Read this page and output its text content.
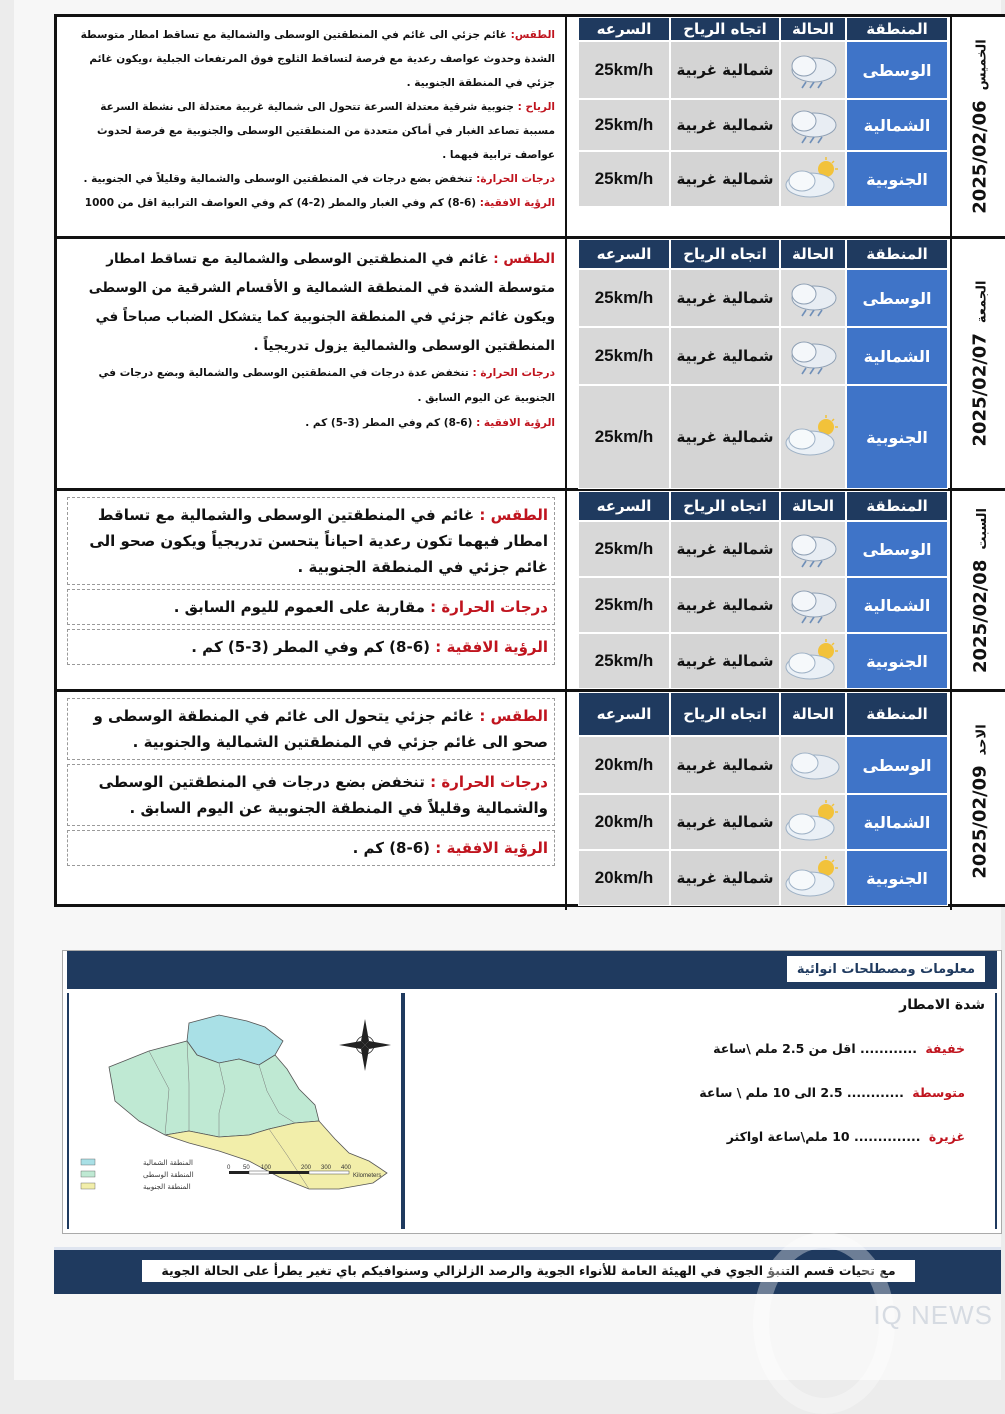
الخميس2025/02/06
المنطقة
الوسطى
الشمالية
الجنوبية
الحالة
اتجاه الرياح
شمالية غربية
شمالية غربية
شمالية غربية
السرعه
25km/h
25km/h
25km/h
الطقس: غائم جزئي الى غائم في المنطقتين الوسطى والشمالية مع تساقط امطار متوسطة الشدة وحدوث عواصف رعدية مع فرصة لتساقط الثلوج فوق المرتفعات الجبلية ،ويكون غائم جزئي في المنطقة الجنوبية .
الرياح : جنوبية شرقية معتدلة السرعة تتحول الى شمالية غربية معتدلة الى نشطة السرعة مسببة تصاعد الغبار في أماكن متعددة من المنطقتين الوسطى والجنوبية مع فرصة لحدوث عواصف ترابية فيهما .
درجات الحرارة: تنخفض بضع درجات في المنطقتين الوسطى والشمالية وقليلاً في الجنوبية .
الرؤية الافقية: (6-8) كم وفي الغبار والمطر (2-4) كم وفي العواصف الترابية اقل من 1000
الجمعة2025/02/07
المنطقة
الوسطى
الشمالية
الجنوبية
الحالة
اتجاه الرياح
شمالية غربية
شمالية غربية
شمالية غربية
السرعه
25km/h
25km/h
25km/h
الطقس : غائم في المنطقتين الوسطى والشمالية مع تساقط امطار متوسطة الشدة في المنطقة الشمالية و الأقسام الشرقية من الوسطى ويكون غائم جزئي في المنطقة الجنوبية كما يتشكل الضباب صباحاً في المنطقتين الوسطى والشمالية يزول تدريجياً .
درجات الحرارة : تنخفض عدة درجات في المنطقتين الوسطى والشمالية وبضع درجات في الجنوبية عن اليوم السابق .
الرؤية الافقية : (6-8) كم وفي المطر (3-5) كم .
السبت2025/02/08
المنطقة
الوسطى
الشمالية
الجنوبية
الحالة
اتجاه الرياح
شمالية غربية
شمالية غربية
شمالية غربية
السرعه
25km/h
25km/h
25km/h
الطقس : غائم في المنطقتين الوسطى والشمالية مع تساقط امطار فيهما تكون رعدية احياناً يتحسن تدريجياً ويكون صحو الى غائم جزئي في المنطقة الجنوبية .
درجات الحرارة : مقاربة على العموم لليوم السابق .
الرؤية الافقية : (6-8) كم وفي المطر (3-5) كم .
الاحد2025/02/09
المنطقة
الوسطى
الشمالية
الجنوبية
الحالة
اتجاه الرياح
شمالية غربية
شمالية غربية
شمالية غربية
السرعه
20km/h
20km/h
20km/h
الطقس : غائم جزئي يتحول الى غائم في المنطقة الوسطى و صحو الى غائم جزئي في المنطقتين الشمالية والجنوبية .
درجات الحرارة : تنخفض بضع درجات في المنطقتين الوسطى والشمالية وقليلاً في المنطقة الجنوبية عن اليوم السابق .
الرؤية الافقية : (6-8) كم .
معلومات ومصطلحات انوائية
المنطقة الشمالية
المنطقة الوسطى
المنطقة الجنوبية
0 50 100	200 300 400
Kilometers
شدة الامطار
خفيفة ............ اقل من 2.5 ملم \ساعة
متوسطة ............ 2.5 الى 10 ملم \ ساعة
غزيرة .............. 10 ملم\ساعة اواكثر
مع تحيات قسم التنبؤ الجوي في الهيئة العامة للأنواء الجوية والرصد الزلزالي وسنوافيكم باي تغير يطرأ على الحالة الجوية
IQ NEWS
